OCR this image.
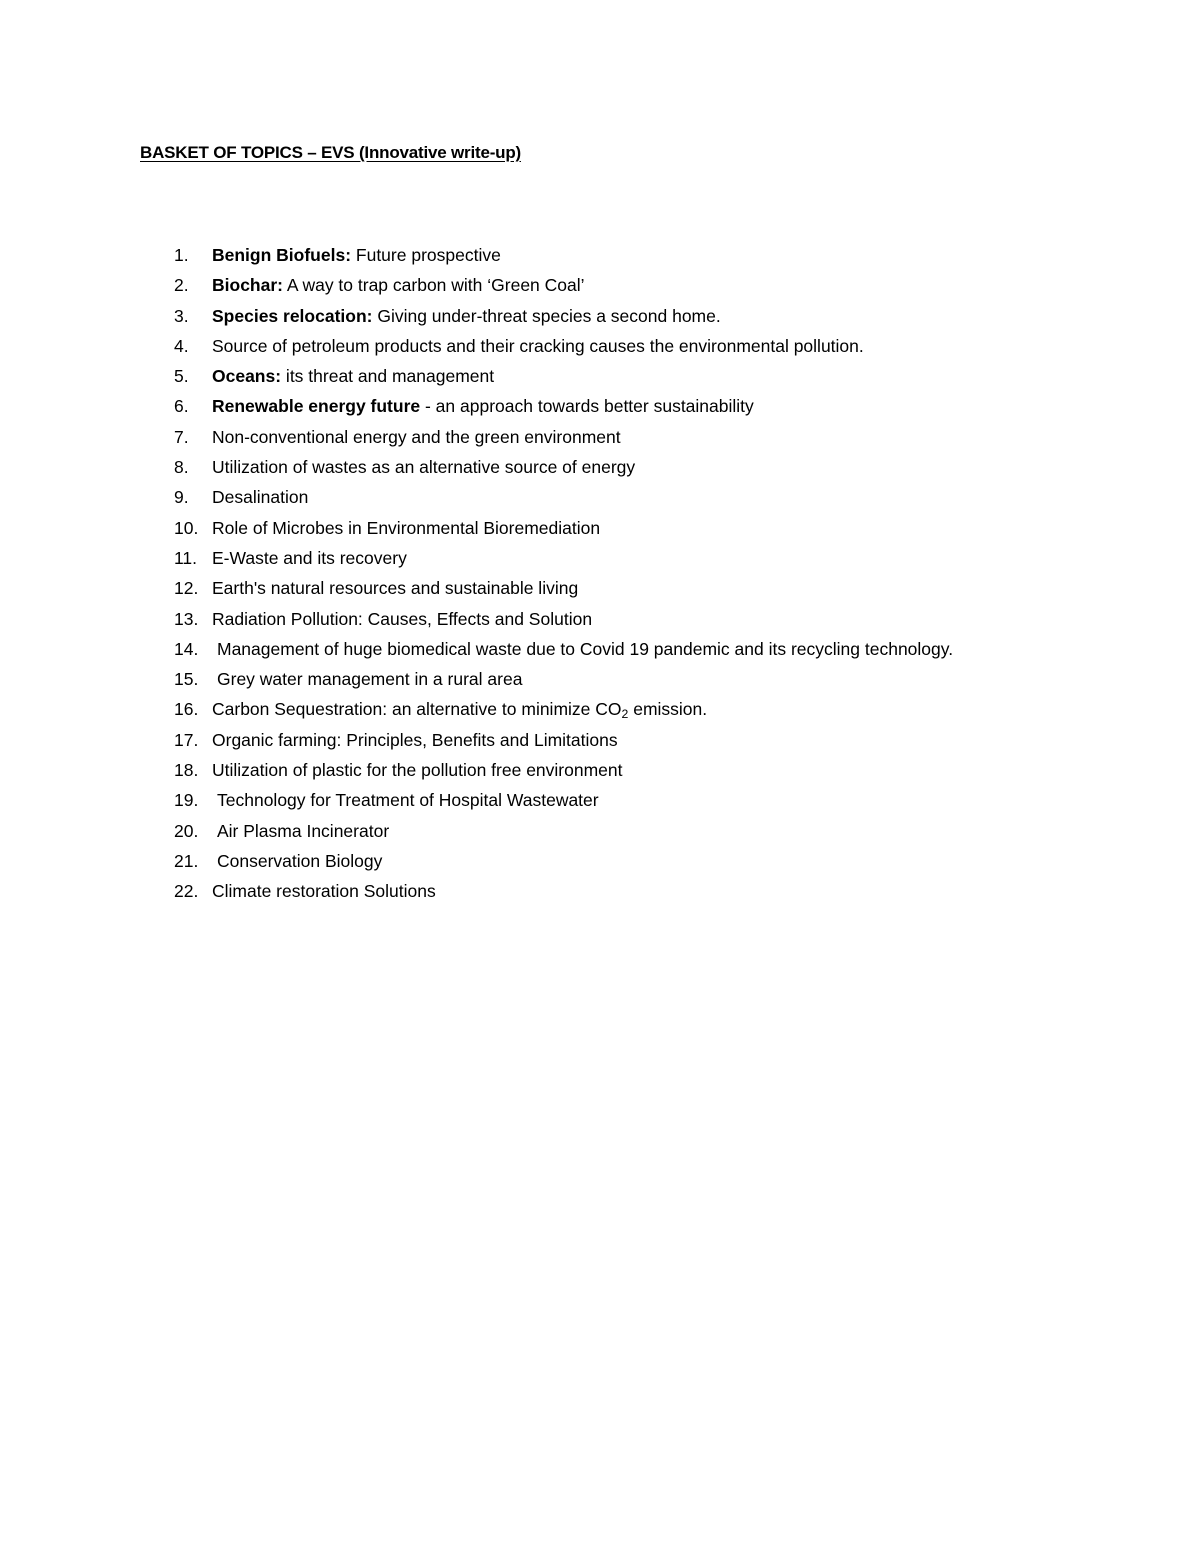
BASKET OF TOPICS – EVS (Innovative write-up)
1.	Benign Biofuels: Future prospective
2.	Biochar: A way to trap carbon with ‘Green Coal’
3.	Species relocation: Giving under-threat species a second home.
4.	Source of petroleum products and their cracking causes the environmental pollution.
5.	Oceans: its threat and management
6.	Renewable energy future - an approach towards better sustainability
7.	Non-conventional energy and the green environment
8.	Utilization of wastes as an alternative source of energy
9.	Desalination
10. Role of Microbes in Environmental Bioremediation
11. E-Waste and its recovery
12. Earth's natural resources and sustainable living
13. Radiation Pollution: Causes, Effects and Solution
14.	Management of huge biomedical waste due to Covid 19 pandemic and its recycling technology.
15.	Grey water management in a rural area
16. Carbon Sequestration: an alternative to minimize $CO_2$ emission.
17. Organic farming: Principles, Benefits and Limitations
18. Utilization of plastic for the pollution free environment
19.	Technology for Treatment of Hospital Wastewater
20.	Air Plasma Incinerator
21.	Conservation Biology
22. Climate restoration Solutions
